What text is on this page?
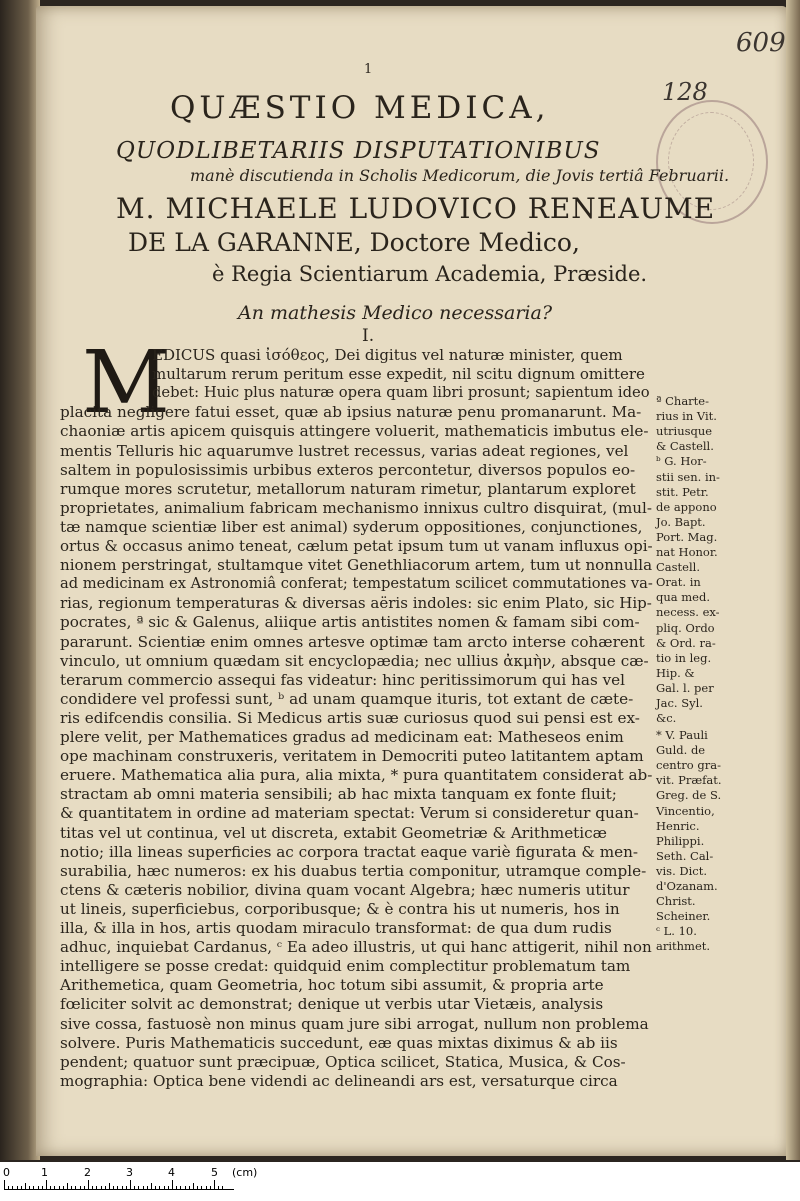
609
128
1
QUÆSTIO MEDICA,
QUODLIBETARIIS DISPUTATIONIBUS
manè discutienda in Scholis Medicorum, die Jovis tertiâ Februarii.
M. MICHAELE LUDOVICO RENEAUME
DE LA GARANNE, Doctore Medico,
è Regia Scientiarum Academia, Præside.
An mathesis Medico necessaria?
I.
M
EDICUS quasi ἰσόθεος, Dei digitus vel naturæ minister, quem
multarum rerum peritum esse expedit, nil scitu dignum omittere
debet: Huic plus naturæ opera quam libri prosunt; sapientum ideo
placita negligere fatui esset, quæ ab ipsius naturæ penu promanarunt. Ma-
chaoniæ artis apicem quisquis attingere voluerit, mathematicis imbutus ele-
mentis Telluris hic aquarumve lustret recessus, varias adeat regiones, vel
saltem in populosissimis urbibus exteros percontetur, diversos populos eo-
rumque mores scrutetur, metallorum naturam rimetur, plantarum exploret
proprietates, animalium fabricam mechanismo innixus cultro disquirat, (mul-
tæ namque scientiæ liber est animal) syderum oppositiones, conjunctiones,
ortus & occasus animo teneat, cælum petat ipsum tum ut vanam influxus opi-
nionem perstringat, stultamque vitet Genethliacorum artem, tum ut nonnulla
ad medicinam ex Astronomiâ conferat; tempestatum scilicet commutationes va-
rias, regionum temperaturas & diversas aëris indoles: sic enim Plato, sic Hip-
pocrates, ª sic & Galenus, aliique artis antistites nomen & famam sibi com-
pararunt. Scientiæ enim omnes artesve optimæ tam arcto interse cohærent
vinculo, ut omnium quædam sit encyclopædia; nec ullius ἀκμὴν, absque cæ-
terarum commercio assequi fas videatur: hinc peritissimorum qui has vel
condidere vel professi sunt, ᵇ ad unam quamque ituris, tot extant de cæte-
ris edifcendis consilia. Si Medicus artis suæ curiosus quod sui pensi est ex-
plere velit, per Mathematices gradus ad medicinam eat: Matheseos enim
ope machinam construxeris, veritatem in Democriti puteo latitantem aptam
eruere. Mathematica alia pura, alia mixta, * pura quantitatem considerat ab-
stractam ab omni materia sensibili; ab hac mixta tanquam ex fonte fluit;
& quantitatem in ordine ad materiam spectat: Verum si consideretur quan-
titas vel ut continua, vel ut discreta, extabit Geometriæ & Arithmeticæ
notio; illa lineas superficies ac corpora tractat eaque variè figurata & men-
surabilia, hæc numeros: ex his duabus tertia componitur, utramque comple-
ctens & cæteris nobilior, divina quam vocant Algebra; hæc numeris utitur
ut lineis, superficiebus, corporibusque; & è contra his ut numeris, hos in
illa, & illa in hos, artis quodam miraculo transformat: de qua dum rudis
adhuc, inquiebat Cardanus, ᶜ Ea adeo illustris, ut qui hanc attigerit, nihil non
intelligere se posse credat: quidquid enim complectitur problematum tam
Arithemetica, quam Geometria, hoc totum sibi assumit, & propria arte
fœliciter solvit ac demonstrat; denique ut verbis utar Vietæis, analysis
sive cossa, fastuosè non minus quam jure sibi arrogat, nullum non problema
solvere. Puris Mathematicis succedunt, eæ quas mixtas diximus & ab iis
pendent; quatuor sunt præcipuæ, Optica scilicet, Statica, Musica, & Cos-
mographia: Optica bene videndi ac delineandi ars est, versaturque circa
ª Charte-
rius in Vit.
utriusque
& Castell.
ᵇ G. Hor-
stii sen. in-
stit. Petr.
de appono
Jo. Bapt.
Port. Mag.
nat Honor.
Castell.
Orat. in
qua med.
necess. ex-
pliq. Ordo
& Ord. ra-
tio in leg.
Hip. &
Gal. l. per
Jac. Syl.
&c.
* V. Pauli
Guld. de
centro gra-
vit. Præfat.
Greg. de S.
Vincentio,
Henric.
Philippi.
Seth. Cal-
vis. Dict.
d'Ozanam.
Christ.
Scheiner.
ᶜ L. 10.
arithmet.
0	1	2	3	4	5 (cm)
